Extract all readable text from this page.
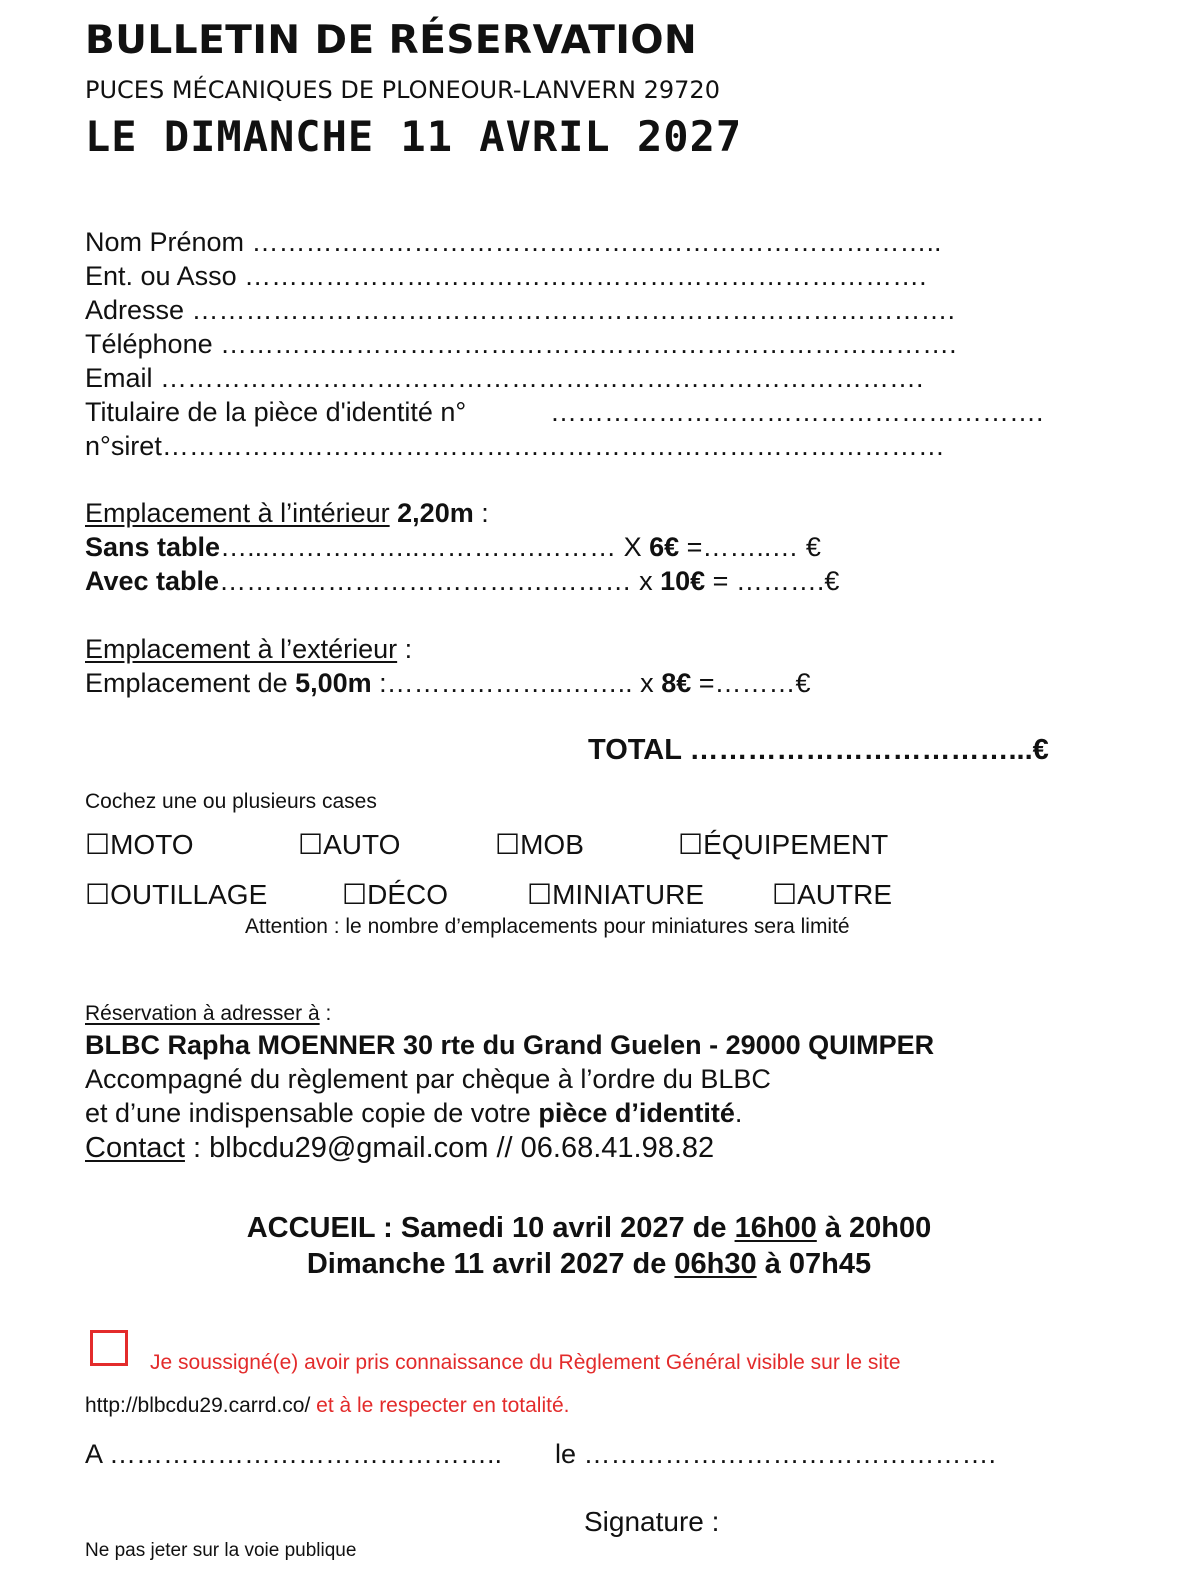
BULLETIN DE RÉSERVATION
PUCES MÉCANIQUES DE PLONEOUR-LANVERN 29720
LE DIMANCHE 11 AVRIL 2027
Nom Prénom …………………………………………………………………..
Ent. ou Asso ………………………………………………………………….
Adresse ………………………………………………………………………….
Téléphone ……………………………………………………………………….
Email ………………………………………………………………………….
Titulaire de la pièce d'identité n°	……………………………………………….
n°siret……………………………………………………………………………
Emplacement à l’intérieur 2,20m :
Sans table…...……………..………….……… X 6€ =……..… €
Avec table……………………………….……… x 10€ = ……….€
Emplacement à l’extérieur :
Emplacement de 5,00m :………………..…….. x 8€ =………€
TOTAL ……………………………...€
Cochez une ou plusieurs cases
☐MOTO	☐AUTO	☐MOB	☐ÉQUIPEMENT
☐OUTILLAGE	☐DÉCO	☐MINIATURE ☐AUTRE
Attention : le nombre d’emplacements pour miniatures sera limité
Réservation à adresser à :
BLBC Rapha MOENNER 30 rte du Grand Guelen - 29000 QUIMPER
Accompagné du règlement par chèque à l’ordre du BLBC
et d’une indispensable copie de votre pièce d’identité.
Contact : blbcdu29@gmail.com // 06.68.41.98.82
ACCUEIL : Samedi 10 avril 2027 de 16h00 à 20h00
Dimanche 11 avril 2027 de 06h30 à 07h45
Je soussigné(e) avoir pris connaissance du Règlement Général visible sur le site
http://blbcdu29.carrd.co/ et à le respecter en totalité.
A …………………………………….. le ……………………………………….
Signature :
Ne pas jeter sur la voie publique
